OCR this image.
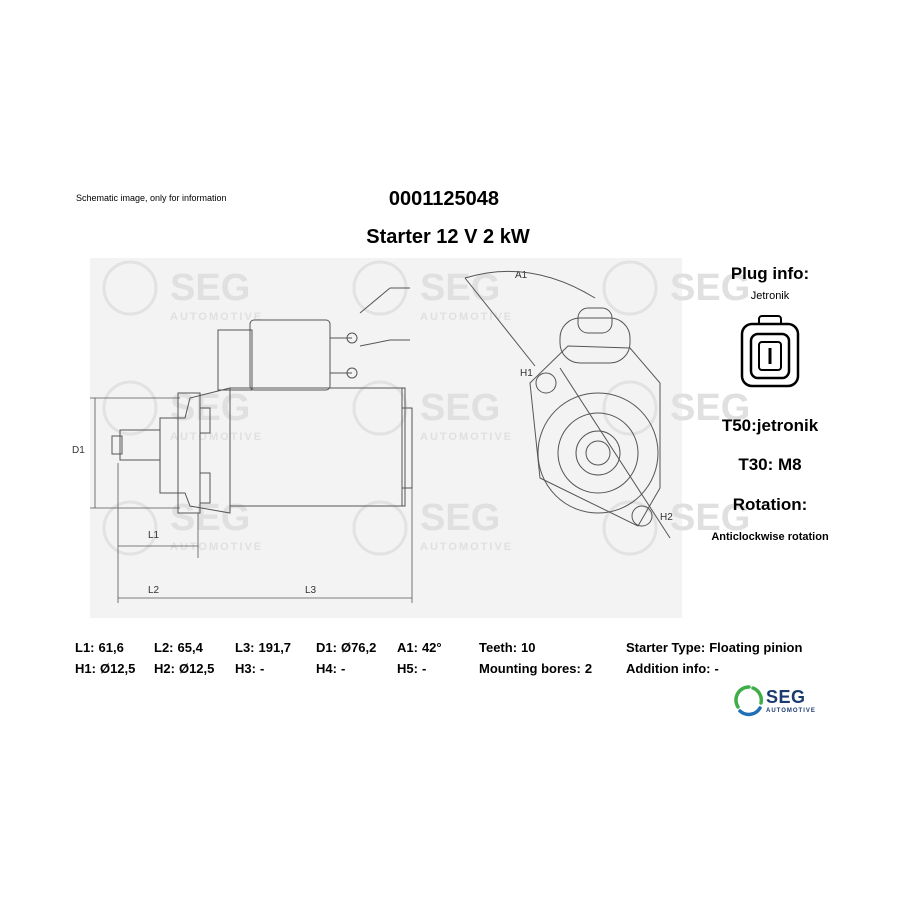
Schematic image, only for information	0001125048
Starter 12 V 2 kW
SEG
AUTOMOTIVE
SEG
AUTOMOTIVE
SEG
SEG
AUTOMOTIVE
SEG
AUTOMOTIVE
SEG
SEG
AUTOMOTIVE
SEG
AUTOMOTIVE
SEG
D1
L1
L2	L3
A1
H1
H2
Plug info:
Jetronik
T50:jetronik
T30: M8
Rotation:
Anticlockwise rotation
L1: 61,6 L2: 65,4 L3: 191,7 D1: Ø76,2 A1: 42°	Teeth: 10	Starter Type: Floating pinion
H1: Ø12,5 H2: Ø12,5 H3: -	H4: -	H5: -	Mounting bores: 2	Addition info: -
SEG
AUTOMOTIVE
